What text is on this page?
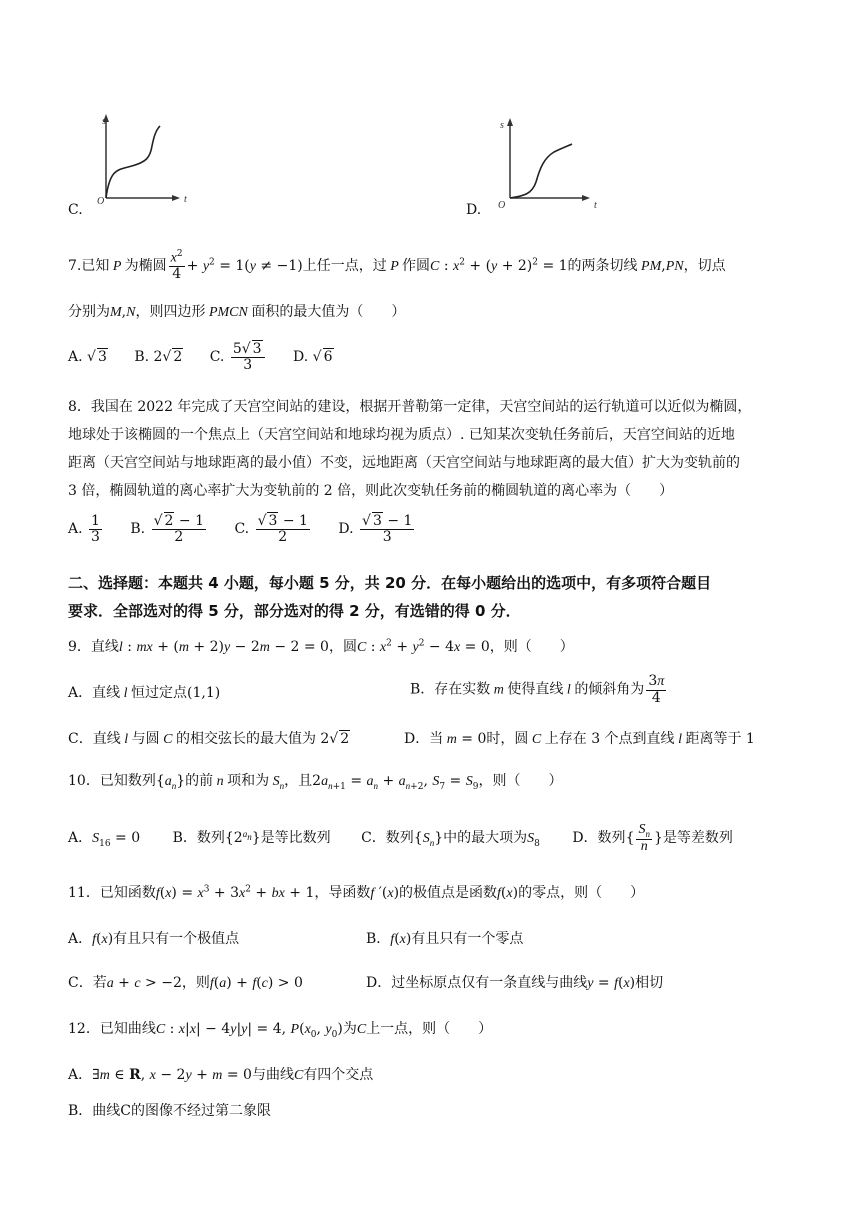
C.
s
t
O
D.
s
t
O
7.已知 P 为椭圆 $\frac{x^2}{4} + y^2 = 1(y \ne -1)$上任一点，过 P 作圆C : $x^2 + (y + 2)^2 = 1$的两条切线 PM,PN，切点
分别为M,N，则四边形 PMCN 面积的最大值为（　　）
A. √ 3 B. 2√ 2 C. $\frac{5√ 3}{3} D$. √ 6
8．我国在 2022 年完成了天宫空间站的建设，根据开普勒第一定律，天宫空间站的运行轨道可以近似为椭圆，
地球处于该椭圆的一个焦点上（天宫空间站和地球均视为质点）. 已知某次变轨任务前后，天宫空间站的近地
距离（天宫空间站与地球距离的最小值）不变，远地距离（天宫空间站与地球距离的最大值）扩大为变轨前的
3 倍，椭圆轨道的离心率扩大为变轨前的 2 倍，则此次变轨任务前的椭圆轨道的离心率为（　　）
A. $\frac{1}{3} B$. $\frac{√ 2 - 1}{2} C$. $\frac{√ 3 - 1}{2} D$. $\frac{√ 3 - 1}{3}$
二、选择题：本题共 4 小题，每小题 5 分，共 20 分．在每小题给出的选项中，有多项符合题目
要求．全部选对的得 5 分，部分选对的得 2 分，有选错的得 0 分．
9．直线l : mx + (m + 2)y − 2m − 2 = 0，圆C : $x^2 + y^2 - 4x = 0$，则（　　）
A．直线 l 恒过定点(1,1)	B．存在实数 m 使得直线 l 的倾斜角为 $\frac{3\pi}{4}$
C．直线 l 与圆 C 的相交弦长的最大值为 2√ 2	D．当 m = 0时，圆 C 上存在 3 个点到直线 l 距离等于 1
10．已知数列$\{a_n\}$的前 n 项和为 $S_n$，且$2a_{n+1} = a_n + a_{n+2}$, $S_7 = S_9$，则（　　）
A．$S_{16} = 0$ B．数列$\{2^{a_n}\}$是等比数列 C．数列$\{S_n\}$中的最大项为$S_8$ D．数列{ $\frac{S_n}{n}$ }是等差数列
11．已知函数$f(x) = x^3 + 3x^2$ + bx + 1，导函数f ′(x)的极值点是函数f(x)的零点，则（　　）
A．f(x)有且只有一个极值点	B．f(x)有且只有一个零点
C．若a + c > −2，则f(a) + f(c) > 0	D．过坐标原点仅有一条直线与曲线y = f(x)相切
12．已知曲线C : x|x| − 4y|y| = 4, $P(x_0$, $y_0$)为C上一点，则（　　）
A．∃m ∈ R, x − 2y + m = 0与曲线C有四个交点
B．曲线C的图像不经过第二象限
